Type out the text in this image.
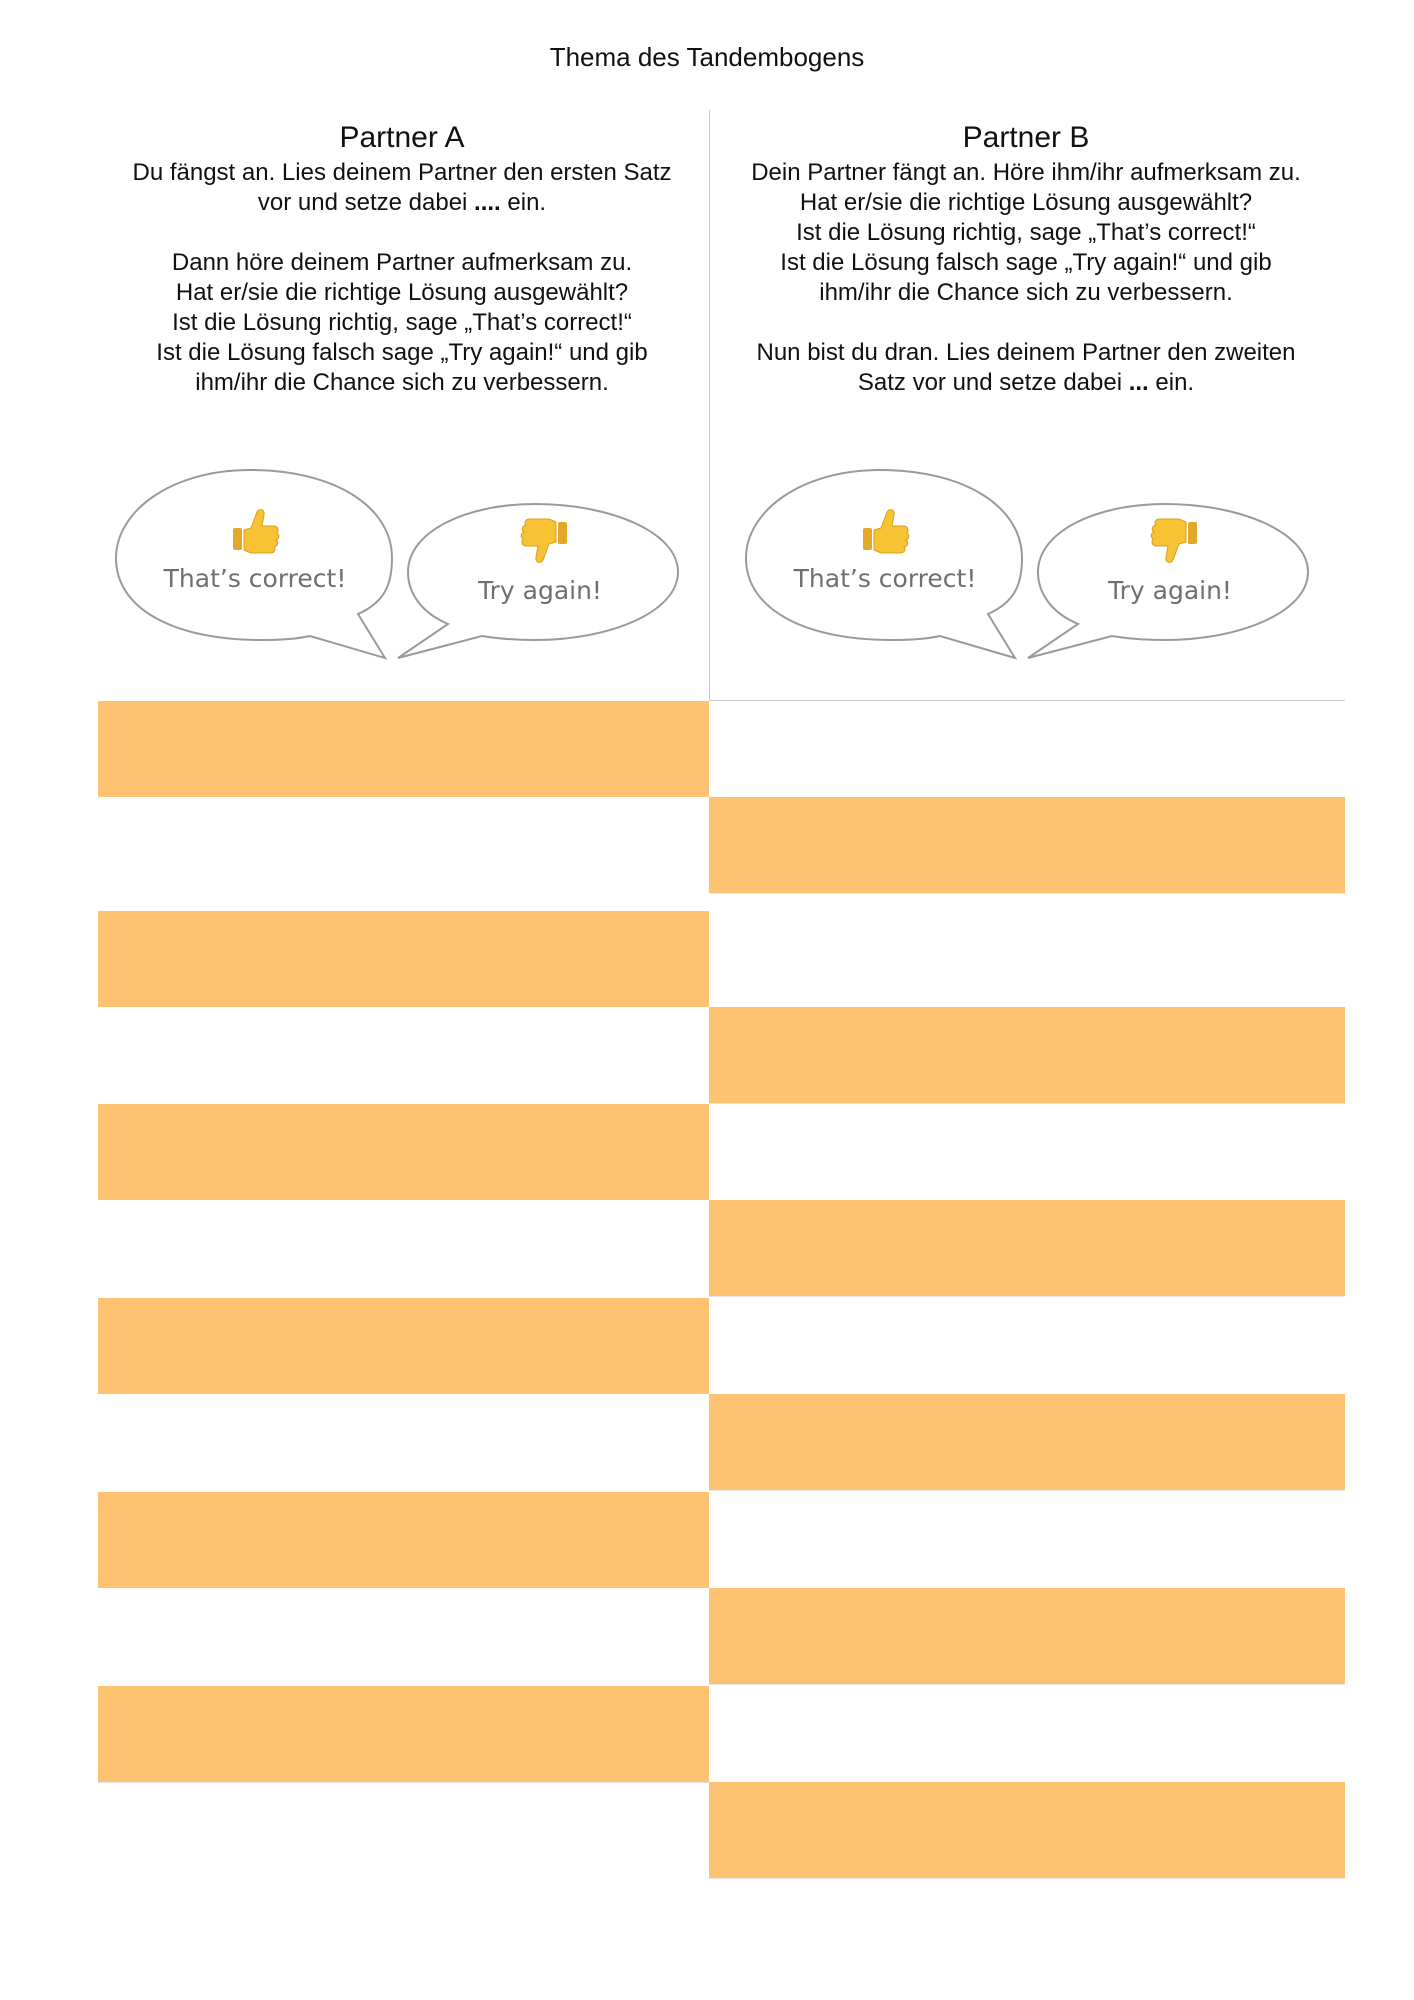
Thema des Tandembogens
Partner A

Du fängst an. Lies deinem Partner den ersten Satz
vor und setze dabei .... ein.

Dann höre deinem Partner aufmerksam zu.
Hat er/sie die richtige Lösung ausgewählt?
Ist die Lösung richtig, sage „That’s correct!“
Ist die Lösung falsch sage „Try again!“ und gib
ihm/ihr die Chance sich zu verbessern.

Partner B

Dein Partner fängt an. Höre ihm/ihr aufmerksam zu.
Hat er/sie die richtige Lösung ausgewählt?
Ist die Lösung richtig, sage „That’s correct!“
Ist die Lösung falsch sage „Try again!“ und gib
ihm/ihr die Chance sich zu verbessern.

Nun bist du dran. Lies deinem Partner den zweiten
Satz vor und setze dabei ... ein.

That’s correct!	Try again!	That’s correct!	Try again!
